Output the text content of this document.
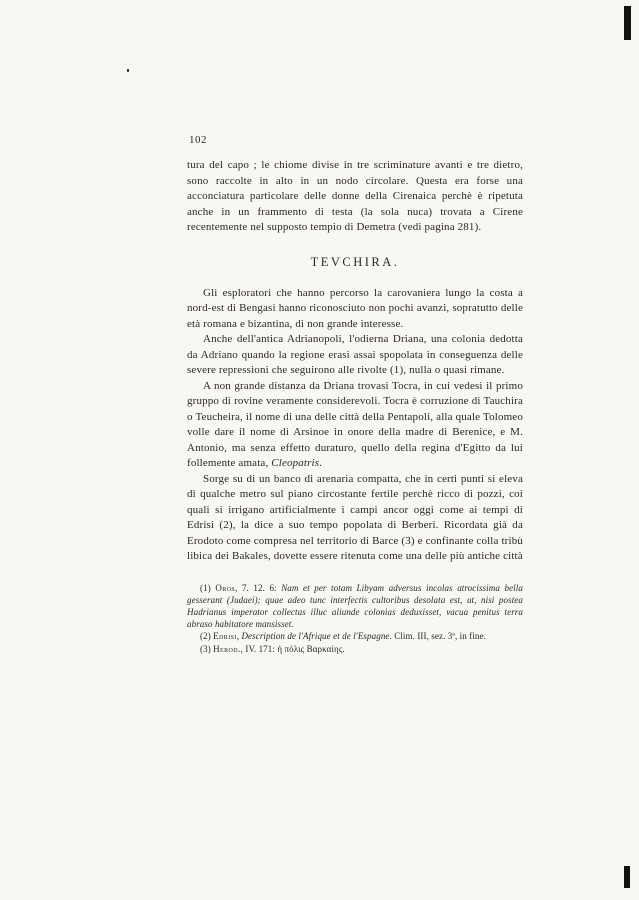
102

tura del capo ; le chiome divise in tre scriminature avanti e tre dietro, sono raccolte in alto in un nodo circolare. Questa era forse una acconciatura particolare delle donne della Cirenaica perchè è ripetuta anche in un frammento di testa (la sola nuca) trovata a Cirene recentemente nel supposto tempio di Demetra (vedi pagina 281).

TEVCHIRA.

Gli esploratori che hanno percorso la carovaniera lungo la costa a nord-est di Bengasi hanno riconosciuto non pochi avanzi, sopratutto delle età romana e bizantina, di non grande interesse.

Anche dell'antica Adrianopoli, l'odierna Driana, una colonia dedotta da Adriano quando la regione erasi assai spopolata in conseguenza delle severe repressioni che seguirono alle rivolte (1), nulla o quasi rimane.

A non grande distanza da Driana trovasi Tocra, in cui vedesi il primo gruppo di rovine veramente considerevoli. Tocra è corruzione di Tauchira o Teucheira, il nome di una delle città della Pentapoli, alla quale Tolomeo volle dare il nome di Arsinoe in onore della madre di Berenice, e M. Antonio, ma senza effetto duraturo, quello della regina d'Egitto da lui follemente amata, Cleopatris.

Sorge su di un banco di arenaria compatta, che in certi punti si eleva di qualche metro sul piano circostante fertile perchè ricco di pozzi, coi quali si irrigano artificialmente i campi ancor oggi come ai tempi di Edrisi (2), la dice a suo tempo popolata di Berberi. Ricordata già da Erodoto come compresa nel territorio di Barce (3) e confinante colla tribù libica dei Bakales, dovette essere ritenuta come una delle più antiche città

(1) Oros, 7. 12. 6: Nam et per totam Libyam adversus incolas atrocissima bella gesserant (Judaei); quae adeo tunc interfectis cultoribus desolata est, ut, nisi postea Hadrianus imperator collectas illuc aliunde colonias deduxisset, vacua penitus terra abraso habitatore mansisset.

(2) Edrisi, Description de l'Afrique et de l'Espagne. Clim. III, sez. 3ª, in fine.

(3) Herod., IV. 171: ἡ πόλις Βαρκαίης.
